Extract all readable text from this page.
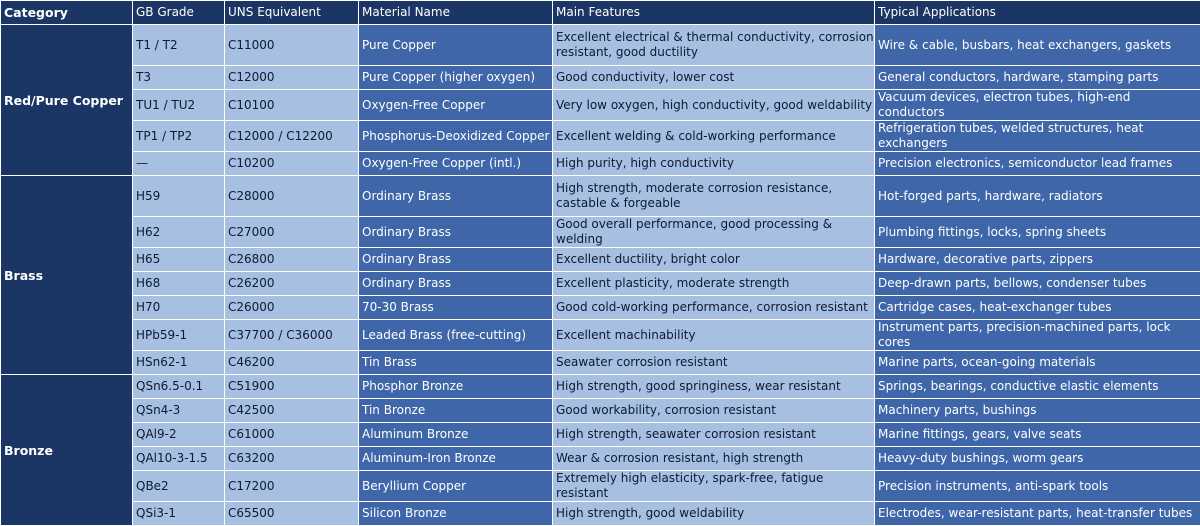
Category	GB Grade	UNS Equivalent	Material Name	Main Features	Typical Applications
Red/Pure Copper	T1 / T2	C11000	Pure Copper	Excellent electrical & thermal conductivity, corrosion resistant, good ductility	Wire & cable, busbars, heat exchangers, gaskets

	T3	C12000	Pure Copper (higher oxygen)	Good conductivity, lower cost	General conductors, hardware, stamping parts

	TU1 / TU2	C10100	Oxygen-Free Copper	Very low oxygen, high conductivity, good weldability	Vacuum devices, electron tubes, high-end conductors

	TP1 / TP2	C12000 / C12200	Phosphorus-Deoxidized Copper	Excellent welding & cold-working performance	Refrigeration tubes, welded structures, heat exchangers

	—	C10200	Oxygen-Free Copper (intl.)	High purity, high conductivity	Precision electronics, semiconductor lead frames

Brass	H59	C28000	Ordinary Brass	High strength, moderate corrosion resistance, castable & forgeable	Hot-forged parts, hardware, radiators

	H62	C27000	Ordinary Brass	Good overall performance, good processing & welding	Plumbing fittings, locks, spring sheets

	H65	C26800	Ordinary Brass	Excellent ductility, bright color	Hardware, decorative parts, zippers

	H68	C26200	Ordinary Brass	Excellent plasticity, moderate strength	Deep-drawn parts, bellows, condenser tubes

	H70	C26000	70-30 Brass	Good cold-working performance, corrosion resistant	Cartridge cases, heat-exchanger tubes

	HPb59-1	C37700 / C36000	Leaded Brass (free-cutting)	Excellent machinability	Instrument parts, precision-machined parts, lock cores

	HSn62-1	C46200	Tin Brass	Seawater corrosion resistant	Marine parts, ocean-going materials

Bronze	QSn6.5-0.1	C51900	Phosphor Bronze	High strength, good springiness, wear resistant	Springs, bearings, conductive elastic elements

	QSn4-3	C42500	Tin Bronze	Good workability, corrosion resistant	Machinery parts, bushings

	QAl9-2	C61000	Aluminum Bronze	High strength, seawater corrosion resistant	Marine fittings, gears, valve seats

	QAl10-3-1.5	C63200	Aluminum-Iron Bronze	Wear & corrosion resistant, high strength	Heavy-duty bushings, worm gears

	QBe2	C17200	Beryllium Copper	Extremely high elasticity, spark-free, fatigue resistant	Precision instruments, anti-spark tools

	QSi3-1	C65500	Silicon Bronze	High strength, good weldability	Electrodes, wear-resistant parts, heat-transfer tubes
